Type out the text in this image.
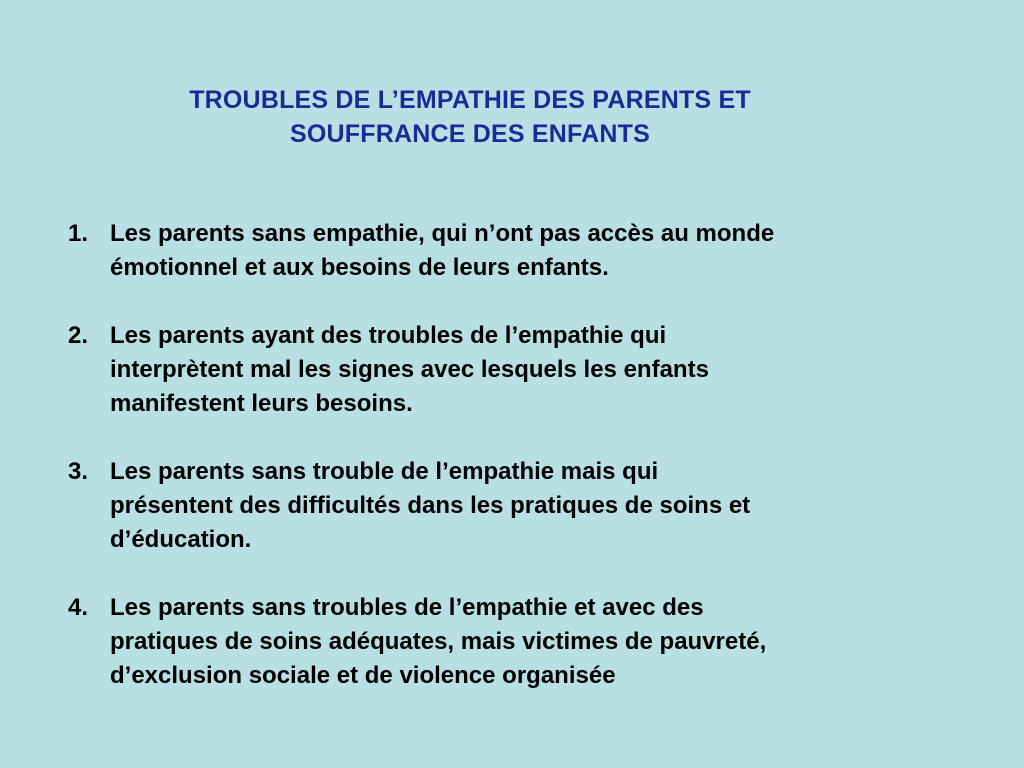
TROUBLES DE L’EMPATHIE DES PARENTS ET
SOUFFRANCE DES ENFANTS
1. Les parents sans empathie, qui n’ont pas accès au monde
émotionnel et aux besoins de leurs enfants.
2. Les parents ayant des troubles de l’empathie qui
interprètent mal les signes avec lesquels les enfants
manifestent leurs besoins.
3. Les parents sans trouble de l’empathie mais qui
présentent des difficultés dans les pratiques de soins et
d’éducation.
4. Les parents sans troubles de l’empathie et avec des
pratiques de soins adéquates, mais victimes de pauvreté,
d’exclusion sociale et de violence organisée
